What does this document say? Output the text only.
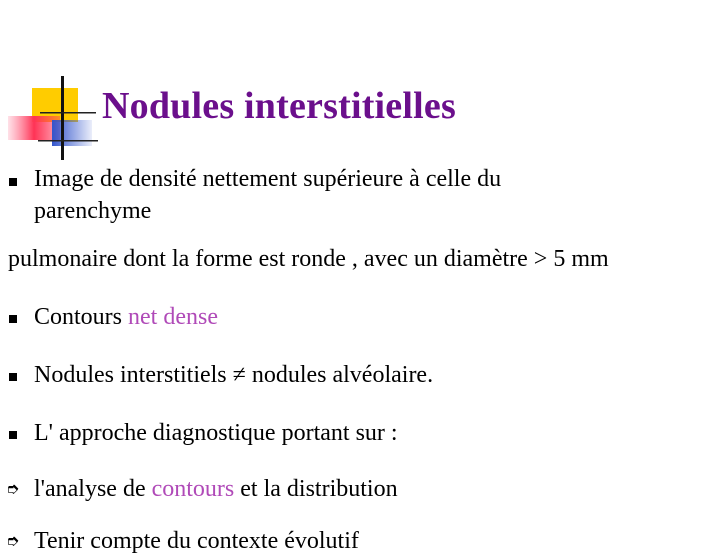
Nodules interstitielles
Image de densité nettement supérieure à celle du
parenchyme
pulmonaire dont la forme est ronde , avec un diamètre > 5 mm
Contours net dense
Nodules interstitiels ≠ nodules alvéolaire.
L' approche diagnostique portant sur :
➮ l'analyse de contours et la distribution
➮ Tenir compte du contexte évolutif
